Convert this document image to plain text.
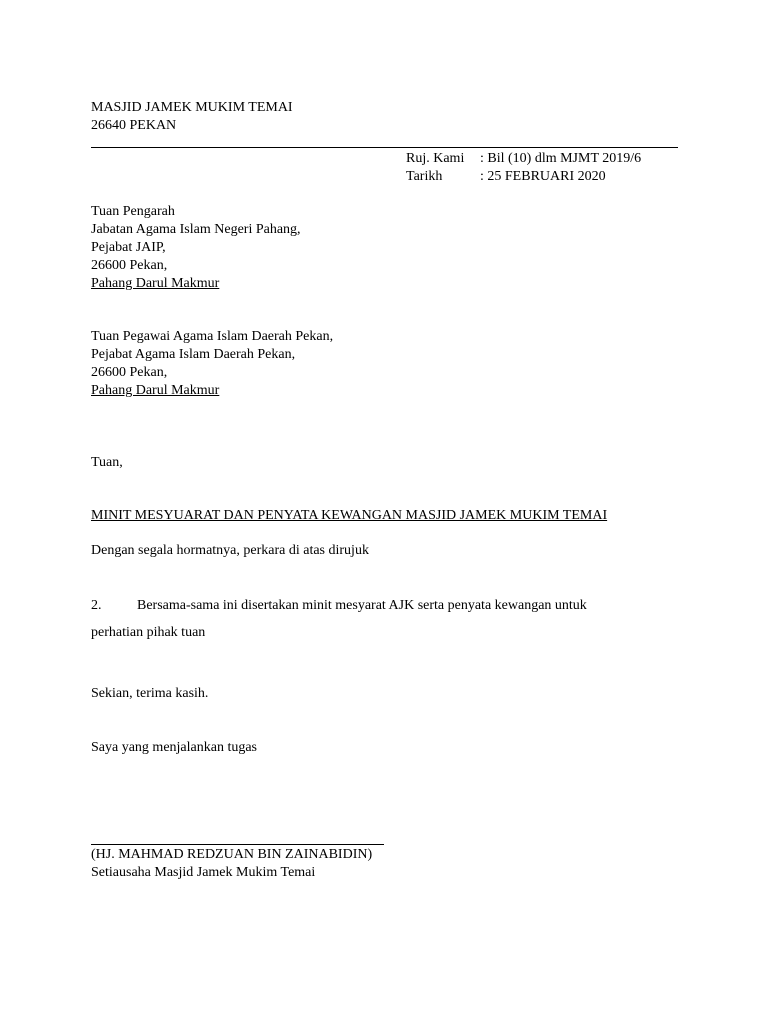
MASJID JAMEK MUKIM TEMAI
26640 PEKAN
Ruj. Kami	: Bil (10) dlm MJMT 2019/6
Tarikh	: 25 FEBRUARI 2020
Tuan Pengarah
Jabatan Agama Islam Negeri Pahang,
Pejabat JAIP,
26600 Pekan,
Pahang Darul Makmur
Tuan Pegawai Agama Islam Daerah Pekan,
Pejabat Agama Islam Daerah Pekan,
26600 Pekan,
Pahang Darul Makmur
Tuan,
MINIT MESYUARAT DAN PENYATA KEWANGAN MASJID JAMEK MUKIM TEMAI
Dengan segala hormatnya, perkara di atas dirujuk
2.	Bersama-sama ini disertakan minit mesyarat AJK serta penyata kewangan untuk
perhatian pihak tuan
Sekian, terima kasih.
Saya yang menjalankan tugas
(HJ. MAHMAD REDZUAN BIN ZAINABIDIN)
Setiausaha Masjid Jamek Mukim Temai
